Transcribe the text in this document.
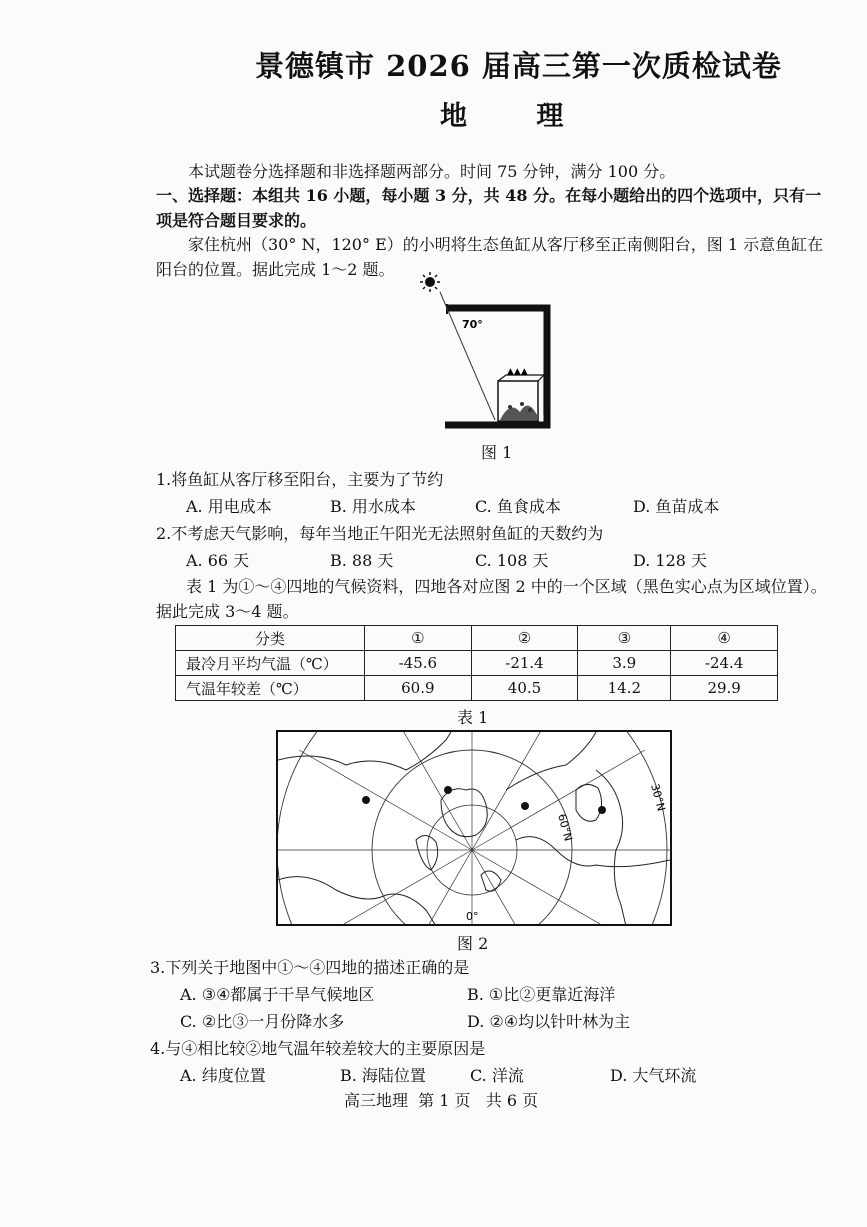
景德镇市 2026 届高三第一次质检试卷
地 理
本试题卷分选择题和非选择题两部分。时间 75 分钟，满分 100 分。
一、选择题：本组共 16 小题，每小题 3 分，共 48 分。在每小题给出的四个选项中，只有一
项是符合题目要求的。
家住杭州（30° N，120° E）的小明将生态鱼缸从客厅移至正南侧阳台，图 1 示意鱼缸在
阳台的位置。据此完成 1～2 题。
70°
▲▲▲
图 1
1.将鱼缸从客厅移至阳台，主要为了节约
A. 用电成本	B. 用水成本	C. 鱼食成本	D. 鱼苗成本
2.不考虑天气影响，每年当地正午阳光无法照射鱼缸的天数约为
A. 66 天	B. 88 天	C. 108 天	D. 128 天
表 1 为①～④四地的气候资料，四地各对应图 2 中的一个区域（黑色实心点为区域位置）。
据此完成 3～4 题。
分类	①	②	③	④
最冷月平均气温（℃）	-45.6	-21.4	3.9	-24.4
气温年较差（℃）	60.9	40.5	14.2	29.9
表 1
60°N
30°N
0°
图 2
3.下列关于地图中①～④四地的描述正确的是
A. ③④都属于干旱气候地区	B. ①比②更靠近海洋
C. ②比③一月份降水多	D. ②④均以针叶林为主
4.与④相比较②地气温年较差较大的主要原因是
A. 纬度位置	B. 海陆位置	C. 洋流	D. 大气环流
高三地理  第 1 页   共 6 页
